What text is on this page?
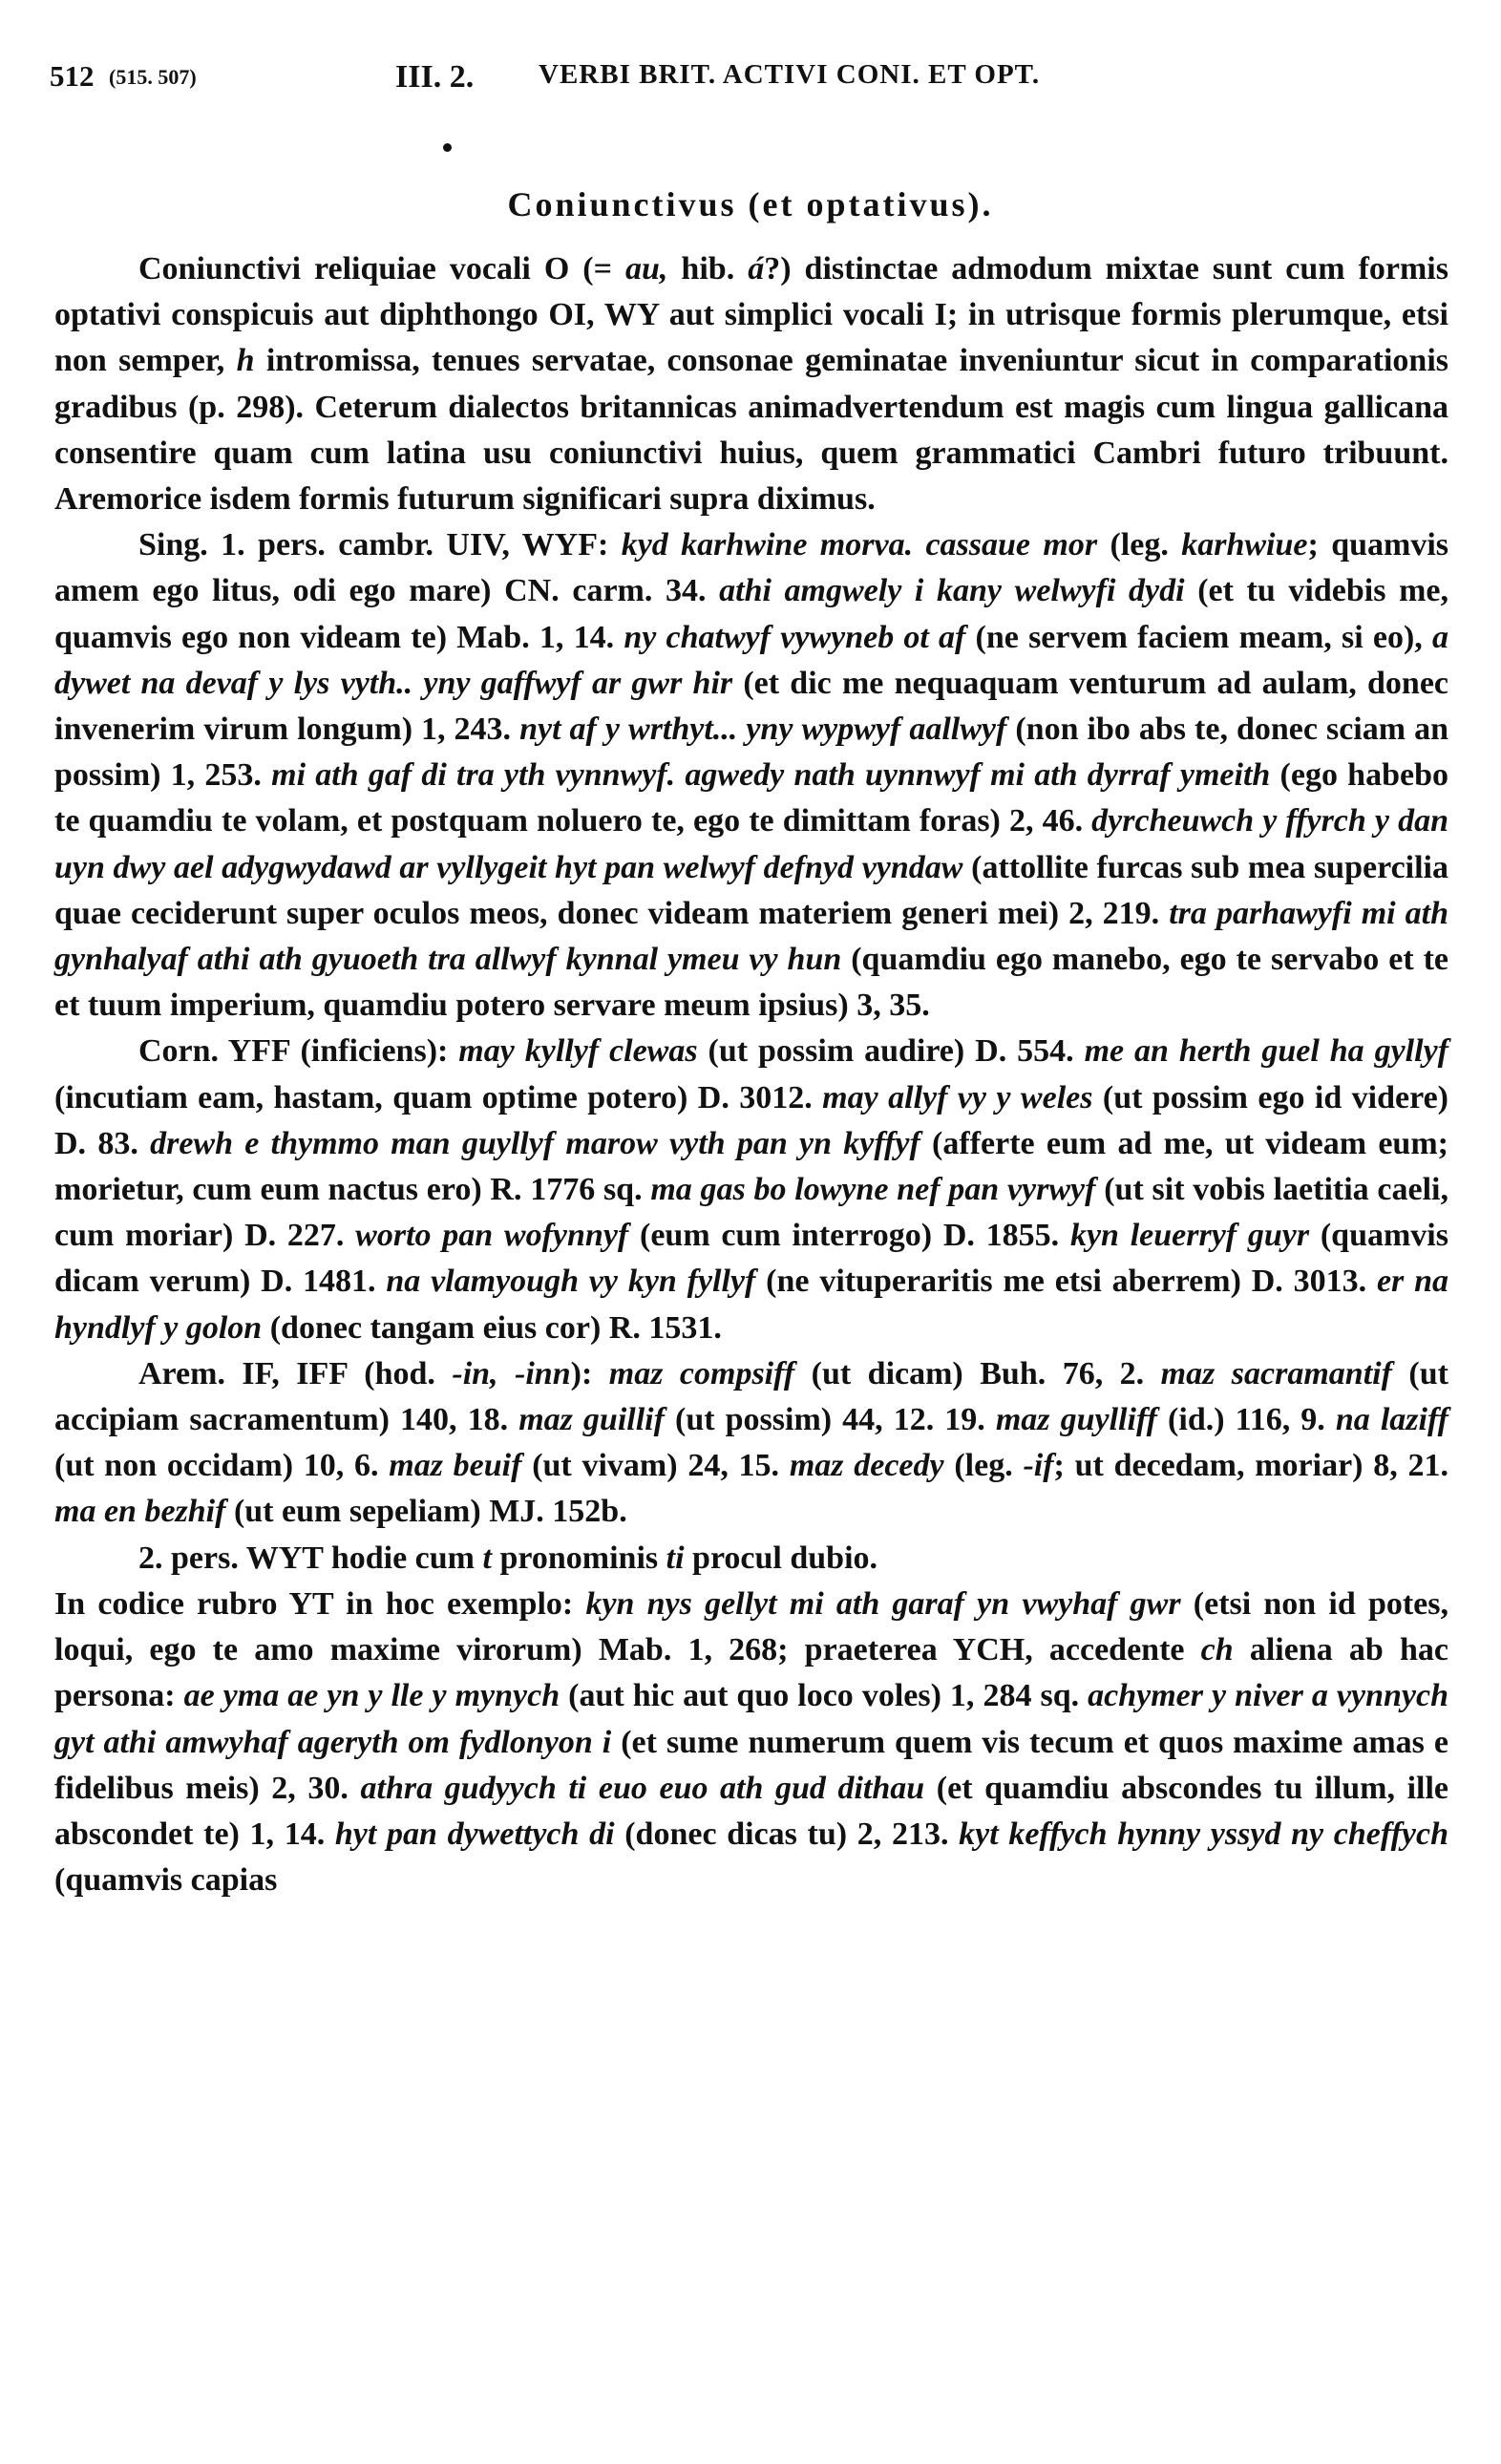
512 (515. 507)	III. 2. VERBI BRIT. ACTIVI CONI. ET OPT.
Coniunctivus (et optativus).

Coniunctivi reliquiae vocali O (= au, hib. á?) distinctae admodum mixtae sunt cum formis optativi conspicuis aut diphthongo OI, WY aut simplici vocali I; in utrisque formis plerumque, etsi non semper, h intromissa, tenues servatae, consonae geminatae inveniuntur sicut in comparationis gradibus (p. 298). Ceterum dialectos britannicas animadvertendum est magis cum lingua gallicana consentire quam cum latina usu coniunctivi huius, quem grammatici Cambri futuro tribuunt. Aremorice isdem formis futurum significari supra diximus.

Sing. 1. pers. cambr. UIV, WYF: kyd karhwine morva. cassaue mor (leg. karhwiue; quamvis amem ego litus, odi ego mare) CN. carm. 34. athi amgwely i kany welwyfi dydi (et tu videbis me, quamvis ego non videam te) Mab. 1, 14. ny chatwyf vywyneb ot af (ne servem faciem meam, si eo), a dywet na devaf y lys vyth.. yny gaffwyf ar gwr hir (et dic me nequaquam venturum ad aulam, donec invenerim virum longum) 1, 243. nyt af y wrthyt... yny wypwyf aallwyf (non ibo abs te, donec sciam an possim) 1, 253. mi ath gaf di tra yth vynnwyf. agwedy nath uynnwyf mi ath dyrraf ymeith (ego habebo te quamdiu te volam, et postquam noluero te, ego te dimittam foras) 2, 46. dyrcheuwch y ffyrch y dan uyn dwy ael adygwydawd ar vyllygeit hyt pan welwyf defnyd vyndaw (attollite furcas sub mea supercilia quae ceciderunt super oculos meos, donec videam materiem generi mei) 2, 219. tra parhawyfi mi ath gynhalyaf athi ath gyuoeth tra allwyf kynnal ymeu vy hun (quamdiu ego manebo, ego te servabo et te et tuum imperium, quamdiu potero servare meum ipsius) 3, 35.

Corn. YFF (inficiens): may kyllyf clewas (ut possim audire) D. 554. me an herth guel ha gyllyf (incutiam eam, hastam, quam optime potero) D. 3012. may allyf vy y weles (ut possim ego id videre) D. 83. drewh e thymmo man guyllyf marow vyth pan yn kyffyf (afferte eum ad me, ut videam eum; morietur, cum eum nactus ero) R. 1776 sq. ma gas bo lowyne nef pan vyrwyf (ut sit vobis laetitia caeli, cum moriar) D. 227. worto pan wofynnyf (eum cum interrogo) D. 1855. kyn leuerryf guyr (quamvis dicam verum) D. 1481. na vlamyough vy kyn fyllyf (ne vituperaritis me etsi aberrem) D. 3013. er na hyndlyf y golon (donec tangam eius cor) R. 1531.

Arem. IF, IFF (hod. -in, -inn): maz compsiff (ut dicam) Buh. 76, 2. maz sacramantif (ut accipiam sacramentum) 140, 18. maz guillif (ut possim) 44, 12. 19. maz guylliff (id.) 116, 9. na laziff (ut non occidam) 10, 6. maz beuif (ut vivam) 24, 15. maz decedy (leg. -if; ut decedam, moriar) 8, 21. ma en bezhif (ut eum sepeliam) MJ. 152b.

2. pers. WYT hodie cum t pronominis ti procul dubio.

In codice rubro YT in hoc exemplo: kyn nys gellyt mi ath garaf yn vwyhaf gwr (etsi non id potes, loqui, ego te amo maxime virorum) Mab. 1, 268; praeterea YCH, accedente ch aliena ab hac persona: ae yma ae yn y lle y mynych (aut hic aut quo loco voles) 1, 284 sq. achymer y niver a vynnych gyt athi amwyhaf ageryth om fydlonyon i (et sume numerum quem vis tecum et quos maxime amas e fidelibus meis) 2, 30. athra gudyych ti euo euo ath gud dithau (et quamdiu abscondes tu illum, ille abscondet te) 1, 14. hyt pan dywettych di (donec dicas tu) 2, 213. kyt keffych hynny yssyd ny cheffych (quamvis capias
